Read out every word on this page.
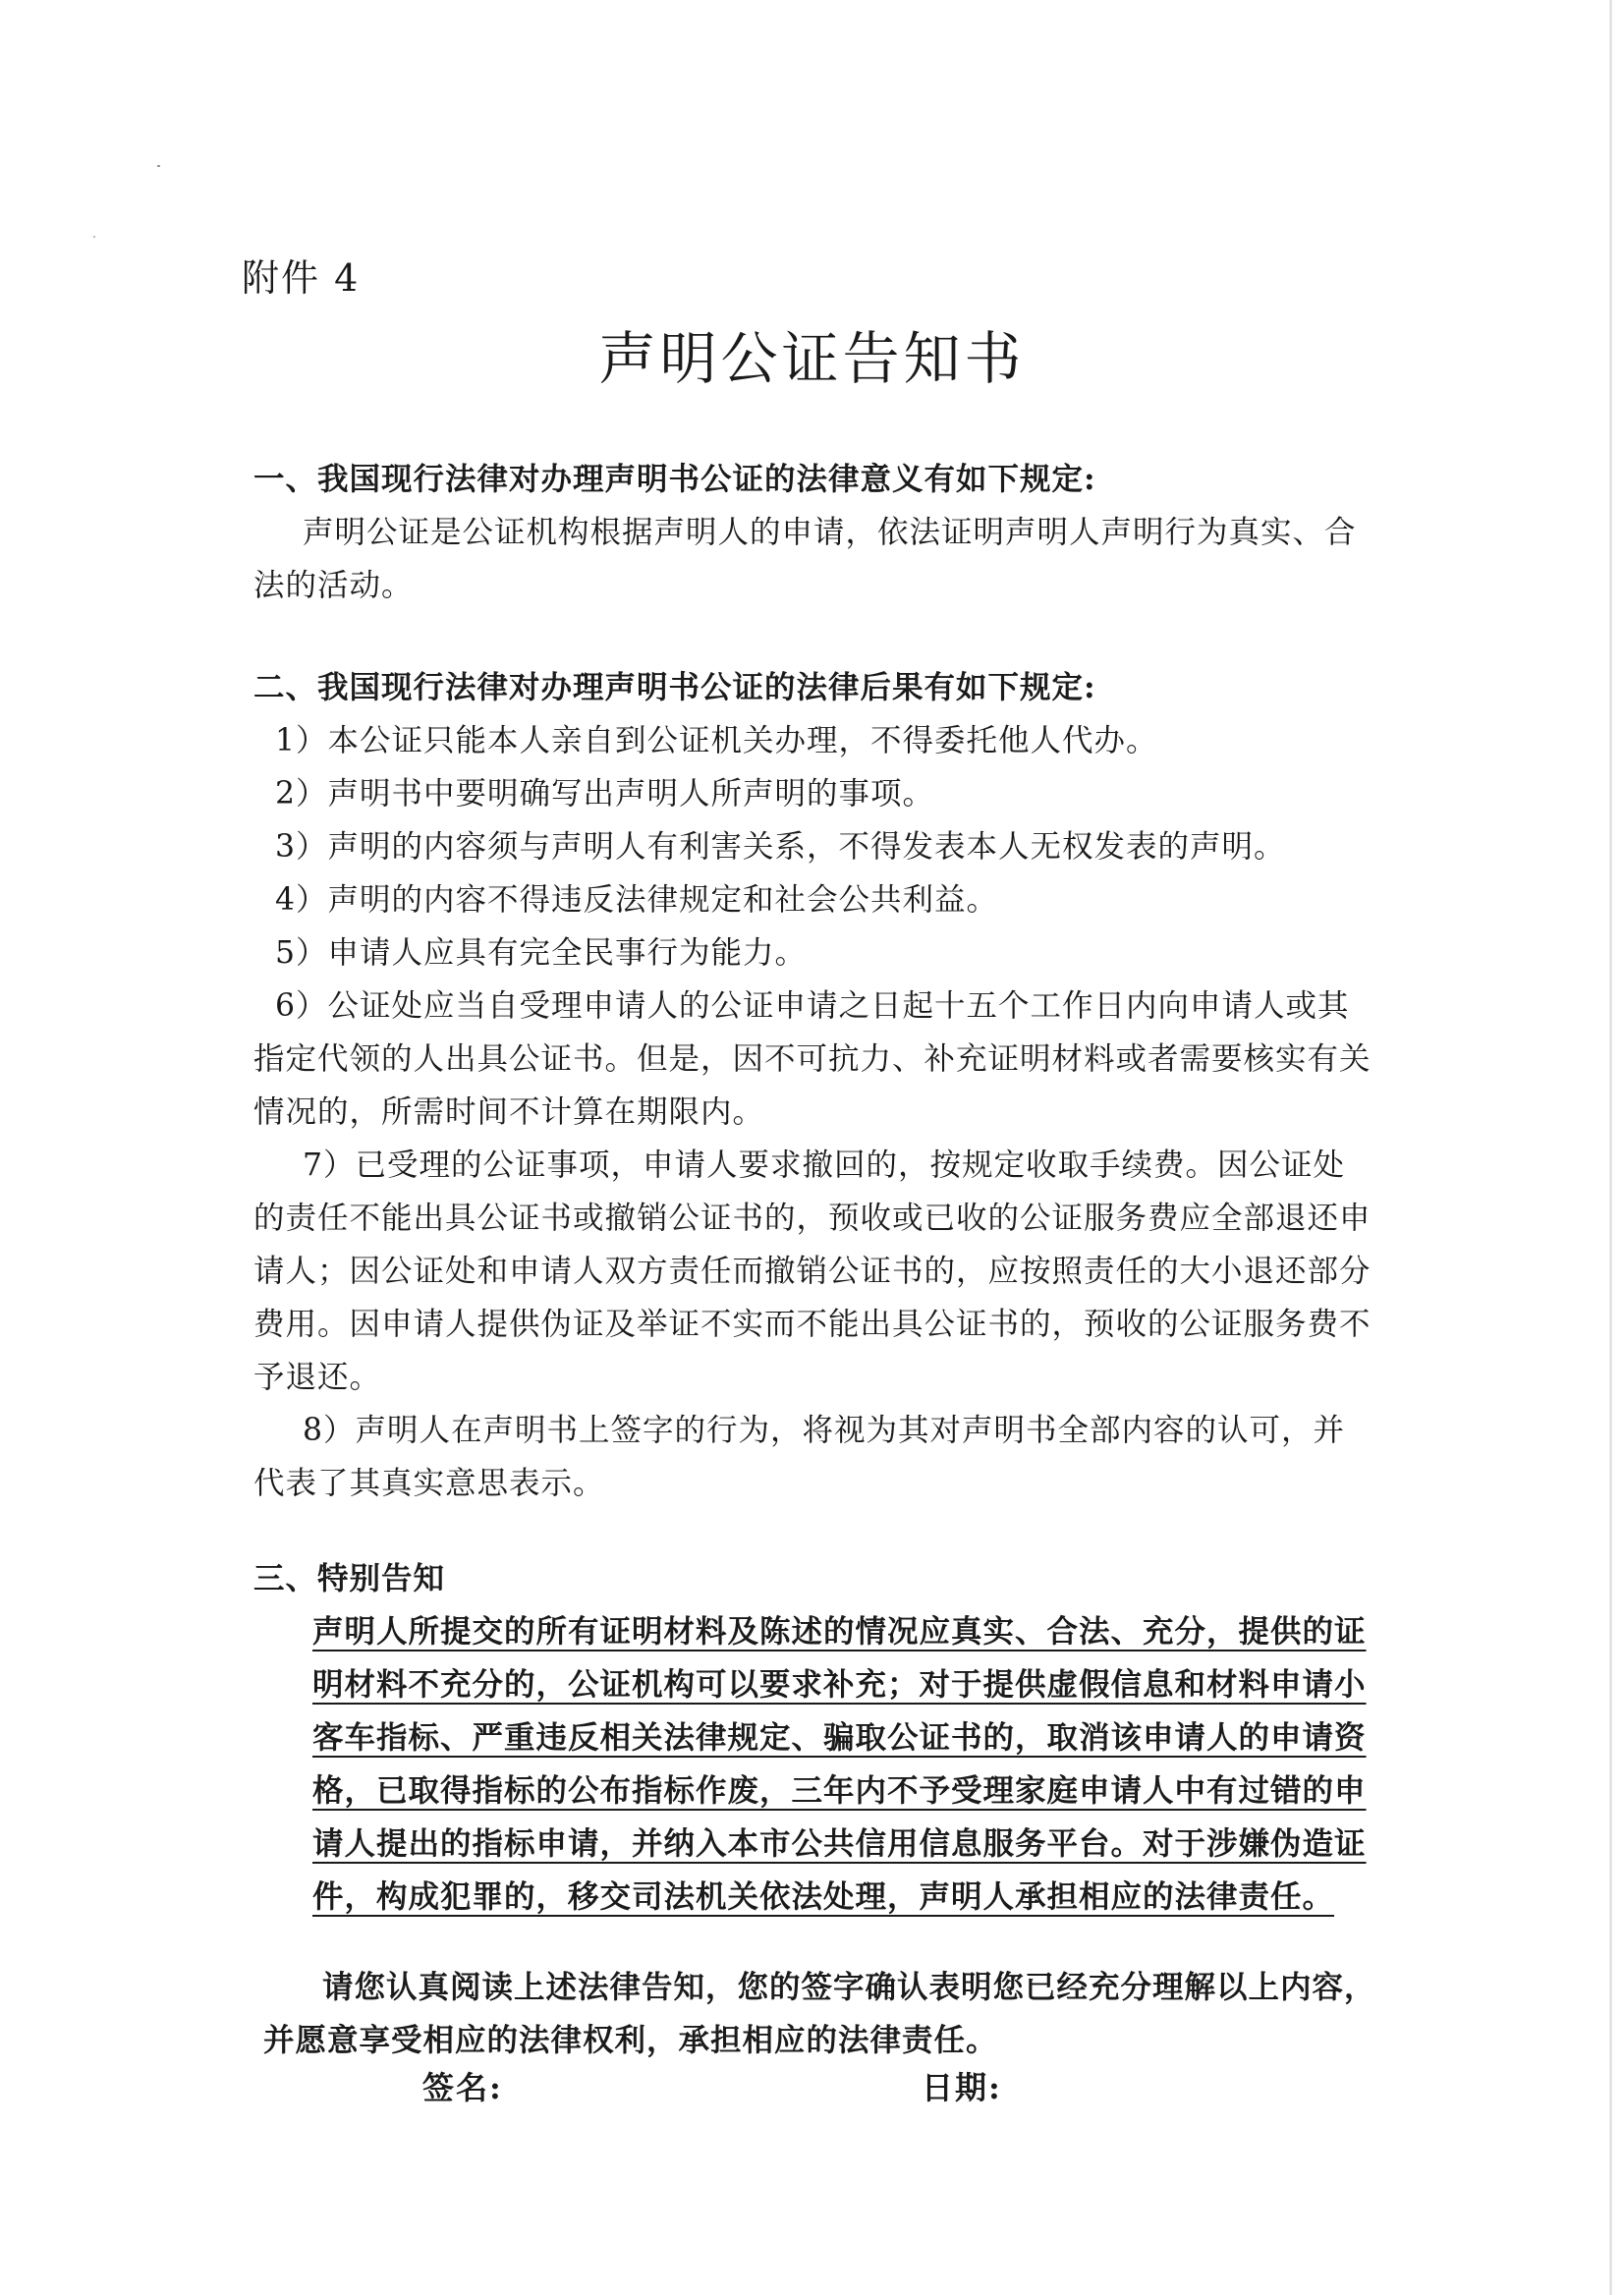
附件 4
声明公证告知书
一、我国现行法律对办理声明书公证的法律意义有如下规定:
声明公证是公证机构根据声明人的申请，依法证明声明人声明行为真实、合
法的活动。
二、我国现行法律对办理声明书公证的法律后果有如下规定:
1）本公证只能本人亲自到公证机关办理，不得委托他人代办。
2）声明书中要明确写出声明人所声明的事项。
3）声明的内容须与声明人有利害关系，不得发表本人无权发表的声明。
4）声明的内容不得违反法律规定和社会公共利益。
5）申请人应具有完全民事行为能力。
6）公证处应当自受理申请人的公证申请之日起十五个工作日内向申请人或其
指定代领的人出具公证书。但是，因不可抗力、补充证明材料或者需要核实有关
情况的，所需时间不计算在期限内。
7）已受理的公证事项，申请人要求撤回的，按规定收取手续费。因公证处
的责任不能出具公证书或撤销公证书的，预收或已收的公证服务费应全部退还申
请人；因公证处和申请人双方责任而撤销公证书的，应按照责任的大小退还部分
费用。因申请人提供伪证及举证不实而不能出具公证书的，预收的公证服务费不
予退还。
8）声明人在声明书上签字的行为，将视为其对声明书全部内容的认可，并
代表了其真实意思表示。
三、特别告知
声明人所提交的所有证明材料及陈述的情况应真实、合法、充分，提供的证
明材料不充分的，公证机构可以要求补充；对于提供虚假信息和材料申请小
客车指标、严重违反相关法律规定、骗取公证书的，取消该申请人的申请资
格，已取得指标的公布指标作废，三年内不予受理家庭申请人中有过错的申
请人提出的指标申请，并纳入本市公共信用信息服务平台。对于涉嫌伪造证
件，构成犯罪的，移交司法机关依法处理，声明人承担相应的法律责任。
请您认真阅读上述法律告知，您的签字确认表明您已经充分理解以上内容，
并愿意享受相应的法律权利，承担相应的法律责任。
签名:	日期:
